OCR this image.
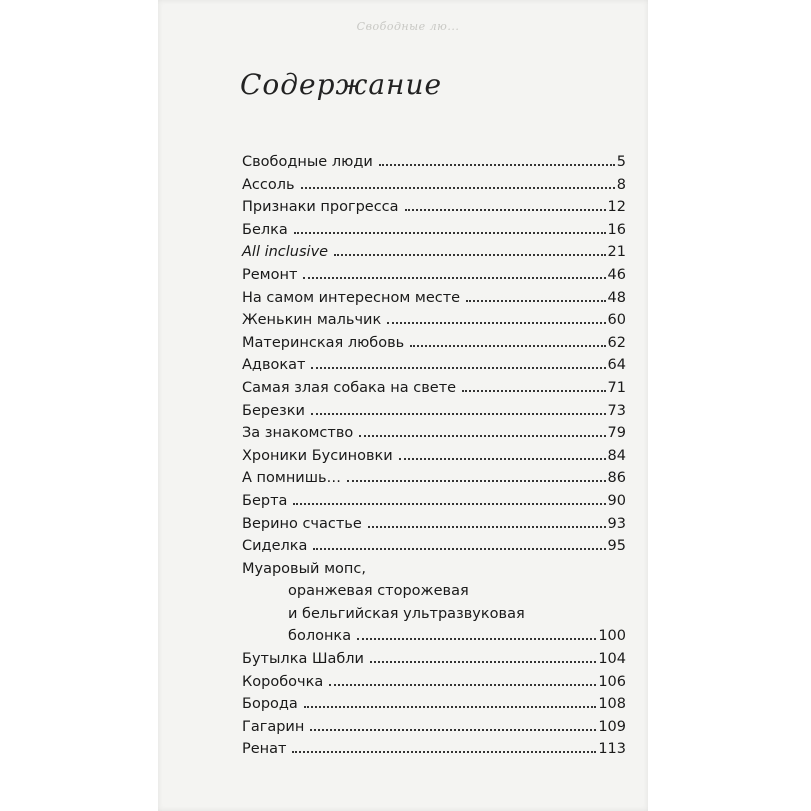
Свободные лю...
Содержание
Свободные люди	5
Ассоль	8
Признаки прогресса	12
Белка	16
All inclusive	21
Ремонт	46
На самом интересном месте	48
Женькин мальчик	60
Материнская любовь	62
Адвокат	64
Самая злая собака на свете	71
Березки	73
За знакомство	79
Хроники Бусиновки	84
А помнишь…	86
Берта	90
Верино счастье	93
Сиделка	95
Муаровый мопс,
оранжевая сторожевая
и бельгийская ультразвуковая
болонка	100
Бутылка Шабли	104
Коробочка	106
Борода	108
Гагарин	109
Ренат	113
